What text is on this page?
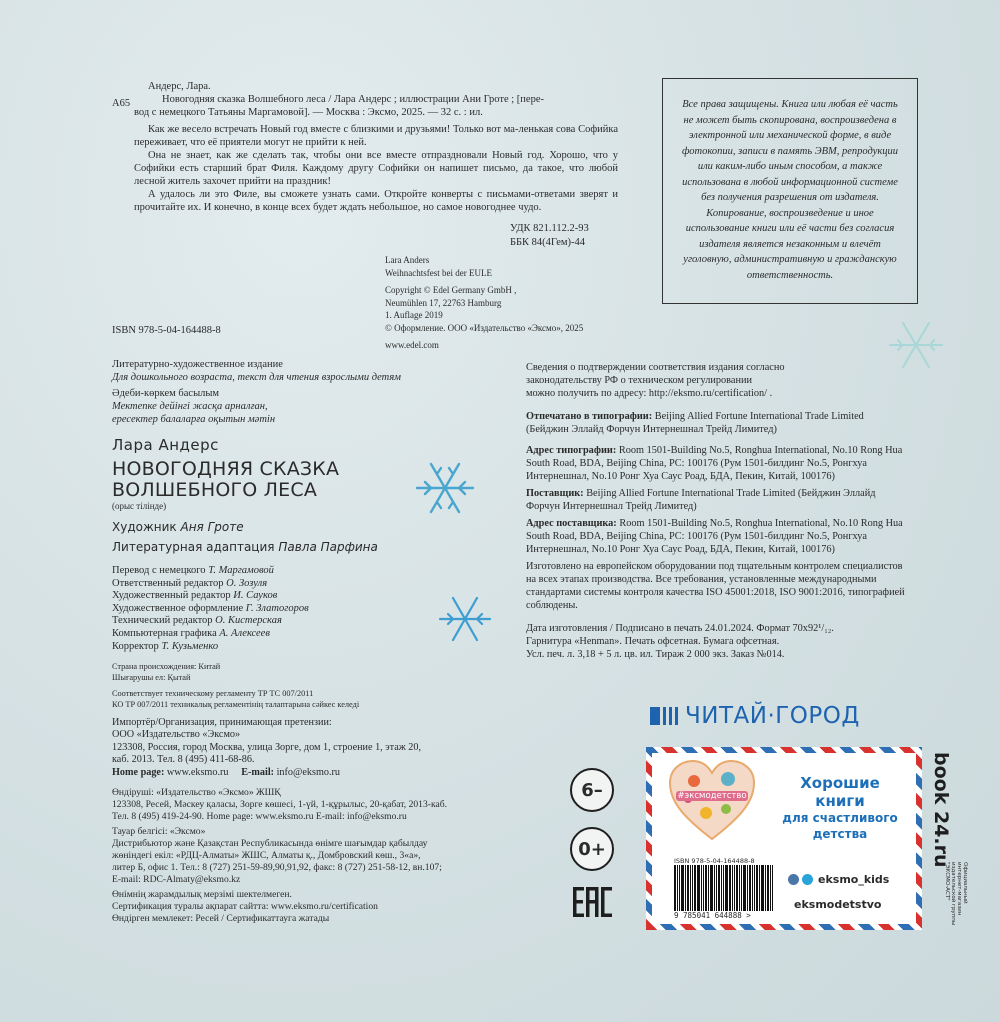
А65

Андерс, Лара.

Новогодняя сказка Волшебного леса / Лара Андерс ; иллюстрации Ани Гроте ; [пере-

вод с немецкого Татьяны Маргамовой]. — Москва : Эксмо, 2025. — 32 с. : ил.

Как же весело встречать Новый год вместе с близкими и друзьями! Только вот ма-ленькая сова Софийка переживает, что её приятели могут не прийти к ней.

Она не знает, как же сделать так, чтобы они все вместе отпраздновали Новый год. Хорошо, что у Софийки есть старший брат Филя. Каждому другу Софийки он напишет письмо, да такое, что любой лесной житель захочет прийти на праздник!

А удалось ли это Филе, вы сможете узнать сами. Откройте конверты с письмами-ответами зверят и прочитайте их. И конечно, в конце всех будет ждать небольшое, но самое новогоднее чудо.

УДК 821.112.2-93
ББК 84(4Гем)-44

Lara Anders

Weihnachtsfest bei der EULE

Copyright © Edel Germany GmbH ,

Neumühlen 17, 22763 Hamburg

1. Auflage 2019

© Оформление. ООО «Издательство «Эксмо», 2025

www.edel.com

ISBN 978-5-04-164488-8
Все права защищены. Книга или любая её часть не может быть скопирована, воспроизведена в электронной или механической форме, в виде фотокопии, записи в память ЭВМ, репродукции или каким-либо иным способом, а также использована в любой информационной системе без получения разрешения от издателя. Копирование, воспроизведение и иное использование книги или её части без согласия издателя является незаконным и влечёт уголовную, административную и гражданскую ответственность.

Литературно-художественное издание

Для дошкольного возраста, текст для чтения взрослыми детям

Әдеби-көркем басылым

Мектепке дейінгі жасқа арналған,

ересектер балаларға оқытын мәтін

Лара Андерс

НОВОГОДНЯЯ СКАЗКА

ВОЛШЕБНОГО ЛЕСА

(орыс тілінде)

Художник Аня Гроте

Литературная адаптация Павла Парфина

Перевод с немецкого Т. Маргамовой

Ответственный редактор О. Зозуля

Художественный редактор И. Сауков

Художественное оформление Г. Златогоров

Технический редактор О. Кистерская

Компьютерная графика А. Алексеев

Корректор Т. Кузьменко

Страна происхождения: Китай

Шығарушы ел: Қытай

Соответствует техническому регламенту ТР ТС 007/2011

КО ТР 007/2011 техникалық регламентінің талаптарына сәйкес келеді

Импортёр/Организация, принимающая претензии:

ООО «Издательство «Эксмо»

123308, Россия, город Москва, улица Зорге, дом 1, строение 1, этаж 20,

каб. 2013. Тел. 8 (495) 411-68-86.

Home page: www.eksmo.ru E-mail: info@eksmo.ru

Өндіруші: «Издательство «Эксмо» ЖШҚ

123308, Ресей, Мәскеу қаласы, Зорге көшесі, 1-үй, 1-құрылыс, 20-қабат, 2013-каб.

Тел. 8 (495) 419-24-90. Home page: www.eksmo.ru E-mail: info@eksmo.ru

Тауар белгісі: «Эксмо»

Дистрибьютор және Қазақстан Республикасында өнімге шағымдар қабылдау

жөніндегі екіл: «РДЦ-Алматы» ЖШС, Алматы қ., Домбровский көш., 3«а»,

литер Б, офис 1. Тел.: 8 (727) 251-59-89,90,91,92, факс: 8 (727) 251-58-12, вн.107;

E-mail: RDC-Almaty@eksmo.kz

Өнімнің жарамдылық мерзімі шектелмеген.

Сертификация туралы ақпарат сайтта: www.eksmo.ru/certification

Өндірген мемлекет: Ресей / Сертификаттауга жатады

Сведения о подтверждении соответствия издания согласно

законодательству РФ о техническом регулировании

можно получить по адресу: http://eksmo.ru/certification/ .

Отпечатано в типографии: Beijing Allied Fortune International Trade Limited (Бейджин Эллайд Форчун Интернешнал Трейд Лимитед)

Адрес типографии: Room 1501-Building No.5, Ronghua International, No.10 Rong Hua South Road, BDA, Beijing China, PC: 100176 (Рум 1501-билдинг No.5, Ронгхуа Интернешнал, No.10 Ронг Хуа Саус Роад, БДА, Пекин, Китай, 100176)

Поставщик: Beijing Allied Fortune International Trade Limited (Бейджин Эллайд Форчун Интернешнал Трейд Лимитед)

Адрес поставщика: Room 1501-Building No.5, Ronghua International, No.10 Rong Hua South Road, BDA, Beijing China, PC: 100176 (Рум 1501-билдинг No.5, Ронгхуа Интернешнал, No.10 Ронг Хуа Саус Роад, БДА, Пекин, Китай, 100176)

Изготовлено на европейском оборудовании под тщательным контролем специалистов на всех этапах производства. Все требования, установленные международными стандартами системы контроля качества ISO 45001:2018, ISO 9001:2016, типографией соблюдены.

Дата изготовления / Подписано в печать 24.01.2024. Формат 70х92¹/₁₂.

Гарнитура «Henman». Печать офсетная. Бумага офсетная.

Усл. печ. л. 3,18 + 5 л. цв. ил. Тираж 2 000 экз. Заказ №014.

ЧИТАЙ·ГОРОД
6–
0+	book 24.ru
Официальный интернет-магазин издательской группы "ЭКСМО-АСТ"
#эксмодетство

Хорошие

книги

для счастливого

детства

ISBN 978-5-04-164488-8

9 785041 644888 >

eksmo_kids
eksmodetstvo
